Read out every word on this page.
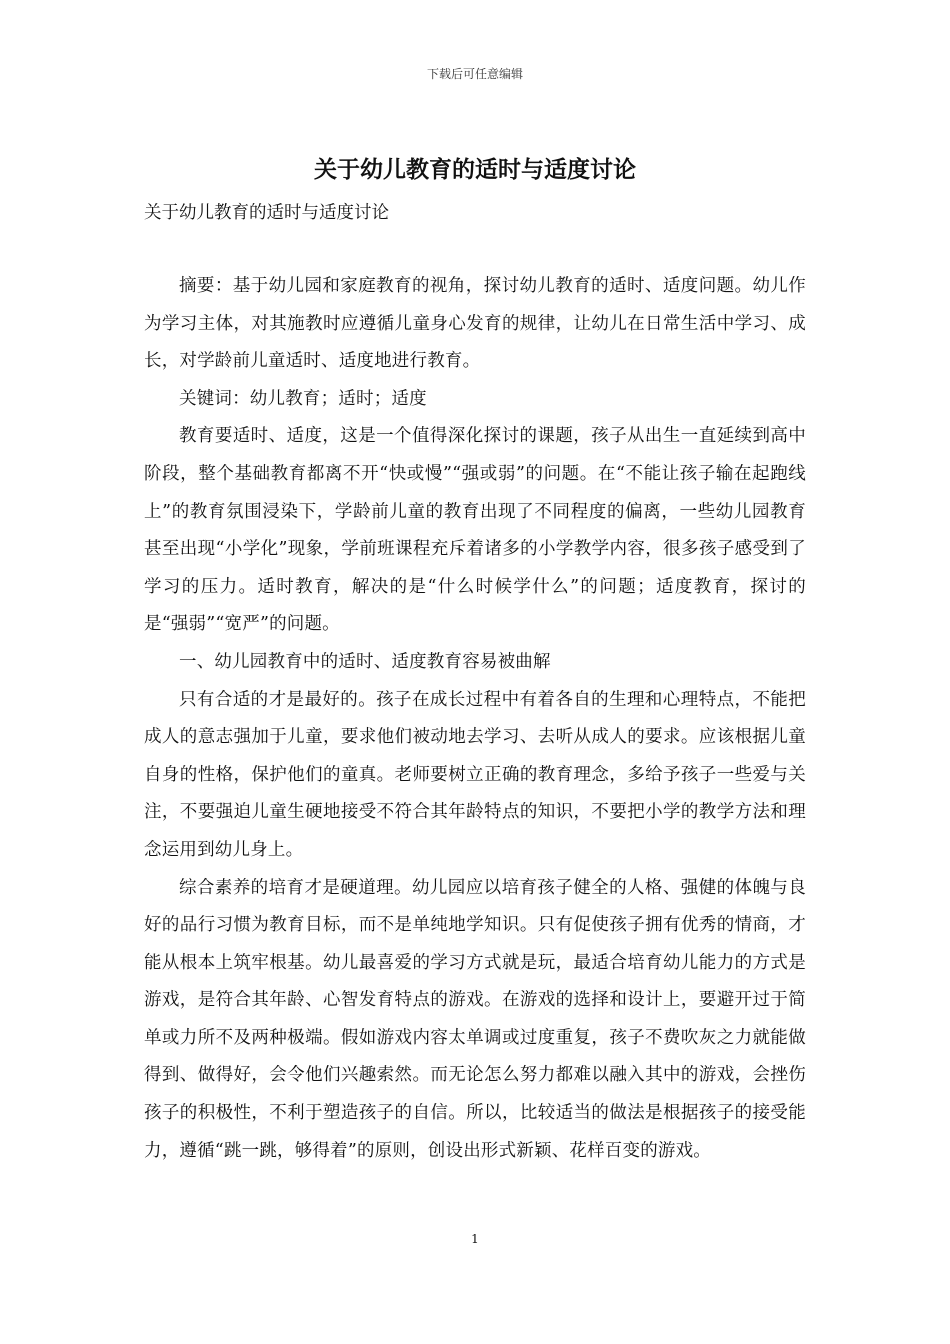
下载后可任意编辑
关于幼儿教育的适时与适度讨论
关于幼儿教育的适时与适度讨论

摘要：基于幼儿园和家庭教育的视角，探讨幼儿教育的适时、适度问题。幼儿作为学习主体，对其施教时应遵循儿童身心发育的规律，让幼儿在日常生活中学习、成长，对学龄前儿童适时、适度地进行教育。

关键词：幼儿教育；适时；适度

教育要适时、适度，这是一个值得深化探讨的课题，孩子从出生一直延续到高中阶段，整个基础教育都离不开“快或慢”“强或弱”的问题。在“不能让孩子输在起跑线上”的教育氛围浸染下，学龄前儿童的教育出现了不同程度的偏离，一些幼儿园教育甚至出现“小学化”现象，学前班课程充斥着诸多的小学教学内容，很多孩子感受到了学习的压力。适时教育，解决的是“什么时候学什么”的问题；适度教育，探讨的是“强弱”“宽严”的问题。

一、幼儿园教育中的适时、适度教育容易被曲解

只有合适的才是最好的。孩子在成长过程中有着各自的生理和心理特点，不能把成人的意志强加于儿童，要求他们被动地去学习、去听从成人的要求。应该根据儿童自身的性格，保护他们的童真。老师要树立正确的教育理念，多给予孩子一些爱与关注，不要强迫儿童生硬地接受不符合其年龄特点的知识，不要把小学的教学方法和理念运用到幼儿身上。

综合素养的培育才是硬道理。幼儿园应以培育孩子健全的人格、强健的体魄与良好的品行习惯为教育目标，而不是单纯地学知识。只有促使孩子拥有优秀的情商，才能从根本上筑牢根基。幼儿最喜爱的学习方式就是玩，最适合培育幼儿能力的方式是游戏，是符合其年龄、心智发育特点的游戏。在游戏的选择和设计上，要避开过于简单或力所不及两种极端。假如游戏内容太单调或过度重复，孩子不费吹灰之力就能做得到、做得好，会令他们兴趣索然。而无论怎么努力都难以融入其中的游戏，会挫伤孩子的积极性，不利于塑造孩子的自信。所以，比较适当的做法是根据孩子的接受能力，遵循“跳一跳，够得着”的原则，创设出形式新颖、花样百变的游戏。

1
